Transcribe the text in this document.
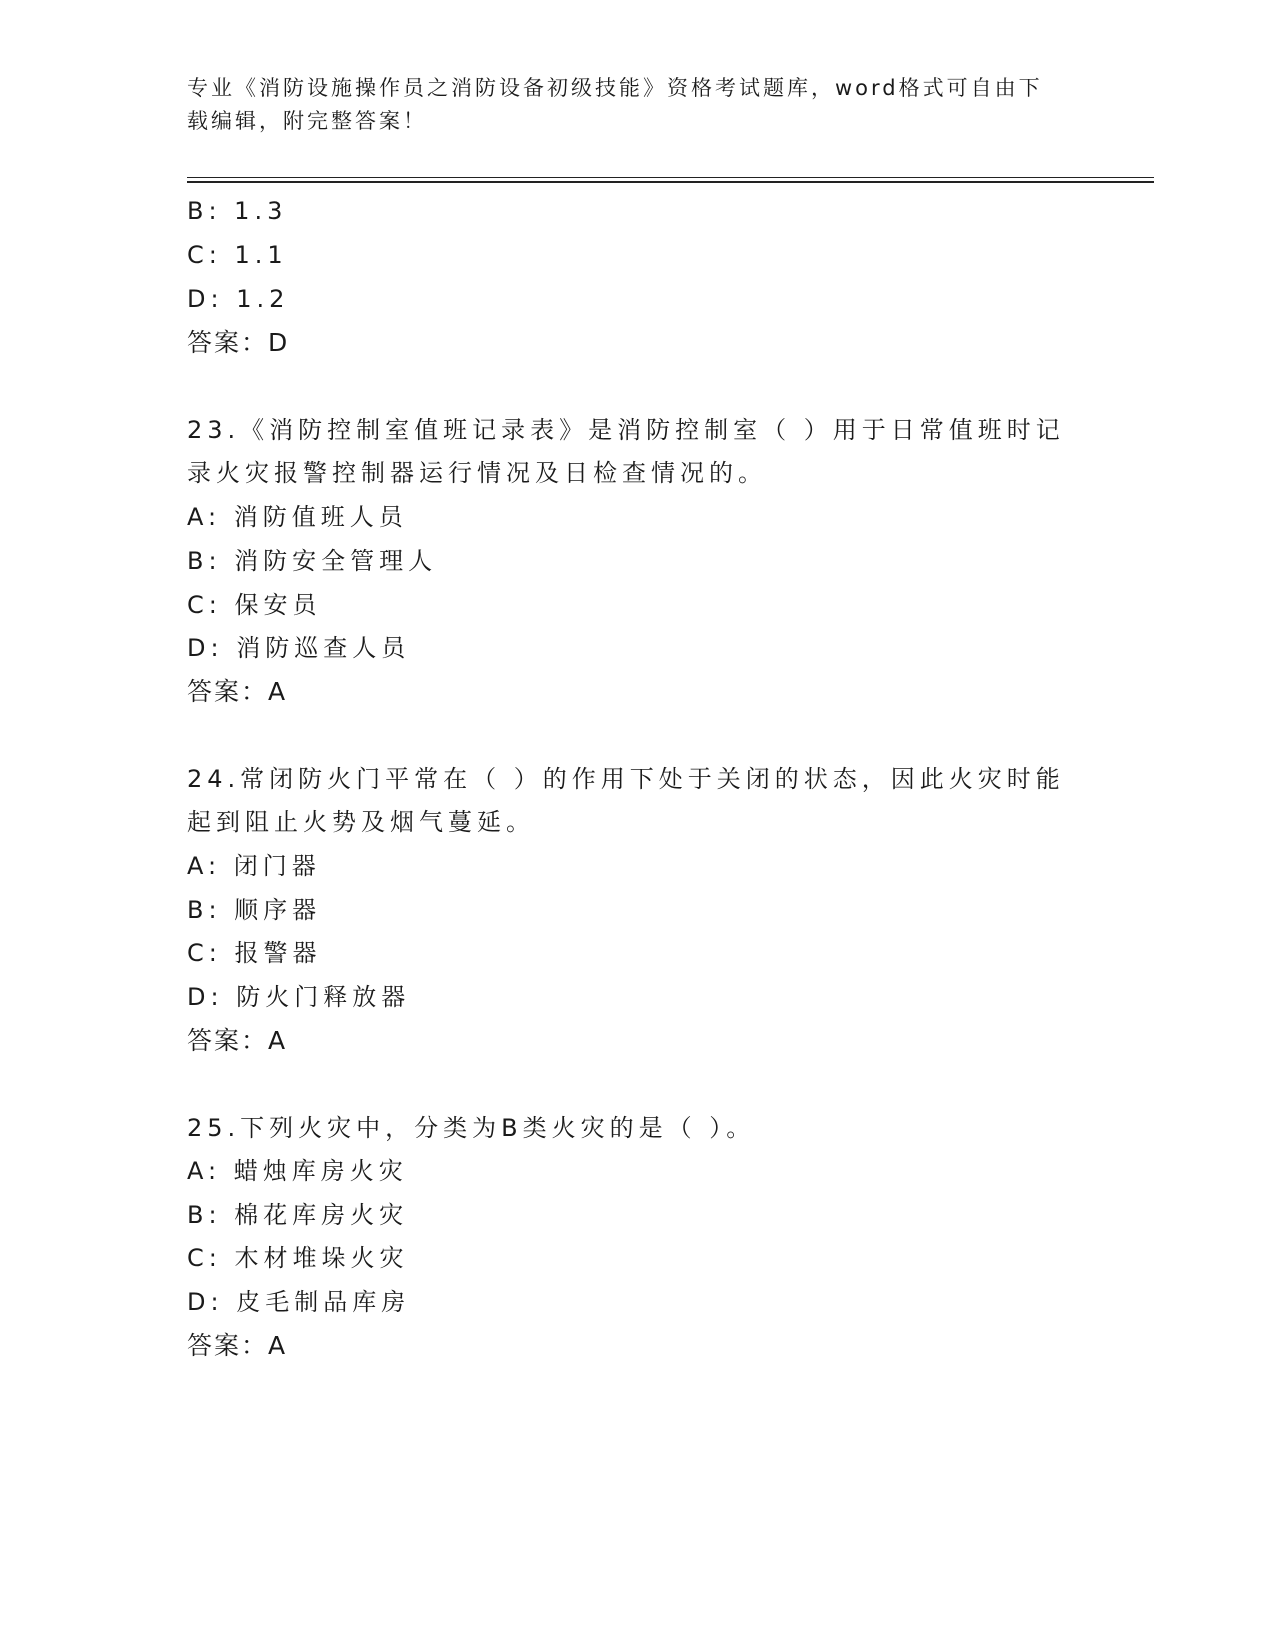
专业《消防设施操作员之消防设备初级技能》资格考试题库，word格式可自由下
载编辑，附完整答案！
B: 1.3
C: 1.1
D: 1.2
答案：D
23.《消防控制室值班记录表》是消防控制室（ ）用于日常值班时记
录火灾报警控制器运行情况及日检查情况的。
A: 消防值班人员
B: 消防安全管理人
C: 保安员
D: 消防巡查人员
答案：A
24.常闭防火门平常在（ ）的作用下处于关闭的状态，因此火灾时能
起到阻止火势及烟气蔓延。
A: 闭门器
B: 顺序器
C: 报警器
D: 防火门释放器
答案：A
25.下列火灾中，分类为B类火灾的是（ ）。
A: 蜡烛库房火灾
B: 棉花库房火灾
C: 木材堆垛火灾
D: 皮毛制品库房
答案：A
